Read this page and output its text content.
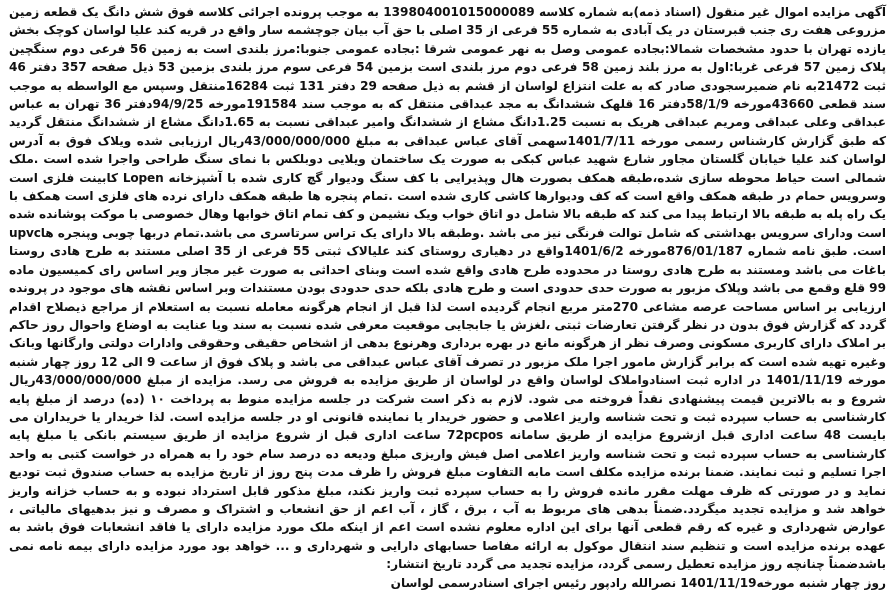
آگهی مزایده اموال غیر منقول (اسناد ذمه)به شماره کلاسه 139804001015000089 به موجب پرونده اجرائی کلاسه فوق شش دانگ یک قطعه زمین مزروعی هفت ری جنب قبرستان در یک آبادی به شماره 55 فرعی از 35 اصلی با حق آب بیان جوچشمه سار واقع در قریه کند علیا لواسان کوچک بخش یازده تهران با حدود مشخصات شمالا:بجاده عمومی وصل به نهر عمومی شرقا :بجاده عمومی جنوبا:مرز بلندی است به زمین 56 فرعی دوم سنگچین پلاک زمین 57 فرعی غربا:اول به مرز بلند زمین 58 فرعی دوم مرز بلندی است بزمین 54 فرعی سوم مرز بلندی بزمین 53 ذیل صفحه 357 دفتر 46 ثبت 21472به نام ضمیرسجودی صادر که به علت انتزاع لواسان از قشم به ذیل صفحه 29 دفتر 131 ثبت 16284منتقل وسپس مع الواسطه به موجب سند قطعی 43660مورخه 58/1/9دفتر 16 قلهک ششدانگ به مجد عبداقی منتقل که به موجب سند 191584مورخه 94/9/25دفتر 36 تهران به عباس عبداقی وعلی عبداقی ومریم عبداقی هریک به نسبت 1.25دانگ مشاع از ششدانگ وامیر عبداقی نسبت به 1.65دانگ مشاع از ششدانگ منتقل گردید که طبق گزارش کارشناس رسمی مورخه 1401/7/11سهمی آقای عباس عبداقی به مبلغ 43/000/000/000ریال ارزیابی شده ویلاک فوق به آدرس لواسان کند علیا خیابان گلستان مجاور شارع شهید عباس کبکی به صورت یک ساختمان ویلایی دوبلکس با نمای سنگ طراحی واجرا شده است .ملک شمالی است حیاط محوطه سازی شده،طبقه همکف بصورت هال وپذیرایی با کف سنگ ودیوار گچ کاری شده با آشپزخانه Lopen کابینت فلزی است وسرویس حمام در طبقه همکف واقع است که کف ودیوارها کاشی کاری شده است .تمام پنجره ها طبقه همکف دارای نرده های فلزی است همکف با یک راه پله به طبقه بالا ارتباط پیدا می کند که طبقه بالا شامل دو اتاق خواب ویک نشیمن و کف تمام اتاق خوابها وهال خصوصی با موکت پوشانده شده است ودارای سرویس بهداشتی که شامل توالت فرنگی نیز می باشد .وطبقه بالا دارای یک تراس سرتاسری می باشد.تمام دربها چوبی وپنجره هاupvc است. طبق نامه شماره 876/01/187مورخه 1401/6/2واقع در دهیاری روستای کند علیالاک ثبتی 55 فرعی از 35 اصلی مستند به طرح هادی روستا باغات می باشد ومستند به طرح هادی روستا در محدوده طرح هادی واقع شده است وبنای احداثی به صورت غیر مجاز ویر اساس رای کمیسیون ماده 99 قلع وقمع می باشد وپلاک مزبور به صورت حدی حدودی است و طرح هادی بلکه حدی حدودی بودن مستندات وبر اساس نقشه های موجود در پرونده ارزیابی بر اساس مساحت عرصه مشاعی 270متر مربع انجام گردیده است لذا قبل از انجام هرگونه معامله نسبت به استعلام از مراجع ذیصلاح اقدام گردد که گزارش فوق بدون در نظر گرفتن تعارضات ثبتی ،لغزش یا جابجایی موقعیت معرفی شده نسبت به سند ویا عنایت به اوضاع واحوال روز حاکم بر املاک دارای کاربری مسکونی وصرف نظر از هرگونه مانع در بهره برداری وهرنوع بدهی از اشخاص حقیقی وحقوقی وادارات دولتی وارگانها وبانک وغیره تهیه شده است که برابر گزارش مامور اجرا ملک مزبور در تصرف آقای عباس عبداقی می باشد و پلاک فوق از ساعت 9 الی 12 روز چهار شنبه مورخه 1401/11/19 در اداره ثبت اسنادواملاک لواسان واقع در لواسان از طریق مزایده به فروش می رسد. مزایده از مبلغ 43/000/000/000ریال شروع و به بالاترین قیمت پیشنهادی نقداً فروخته می شود. لازم به ذکر است شرکت در جلسه مزایده منوط به پرداخت ۱۰ (ده) درصد از مبلغ پایه کارشناسی به حساب سپرده ثبت و تحت شناسه واریز اعلامی و حضور خریدار یا نماینده قانونی او در جلسه مزایده است. لذا خریدار یا خریداران می بایست 48 ساعت اداری قبل ازشروع مزایده از طریق سامانه 72pcpos ساعت اداری قبل از شروع مزایده از طریق سیستم بانکی یا مبلغ پایه کارشناسی به حساب سپرده ثبت و تحت شناسه واریز اعلامی اصل فیش واریزی مبلغ ودیعه ده درصد سام خود را به همراه در خواست کتبی به واحد اجرا تسلیم و ثبت نمایند. ضمنا برنده مزایده مکلف است مابه التفاوت مبلغ فروش را ظرف مدت پنج روز از تاریخ مزایده به حساب صندوق ثبت تودیع نماید و در صورتی که ظرف مهلت مقرر مانده فروش را به حساب سپرده ثبت واریز نکند، مبلغ مذکور قابل استرداد نبوده و به حساب خزانه واریز خواهد شد و مزایده تجدید میگردد.ضمناً بدهی های مربوط به آب ، برق ، گاز ، آب اعم از حق انشعاب و اشتراک و مصرف و نیز بدهیهای مالیاتی ، عوارض شهرداری و غیره که رقم قطعی آنها برای این اداره معلوم نشده است اعم از اینکه ملک مورد مزایده دارای یا فاقد انشعابات فوق باشد به عهده برنده مزایده است و تنظیم سند انتقال موکول به ارائه مفاصا حسابهای دارایی و شهرداری و ... خواهد بود مورد مزایده دارای بیمه نامه نمی باشدضمناً چنانچه روز مزایده تعطیل رسمی گردد، مزایده تجدید می گردد تاریخ انتشار:

روز چهار شنبه مورخه1401/11/19 نصرالله رادپور رئیس اجرای اسنادرسمی لواسان
